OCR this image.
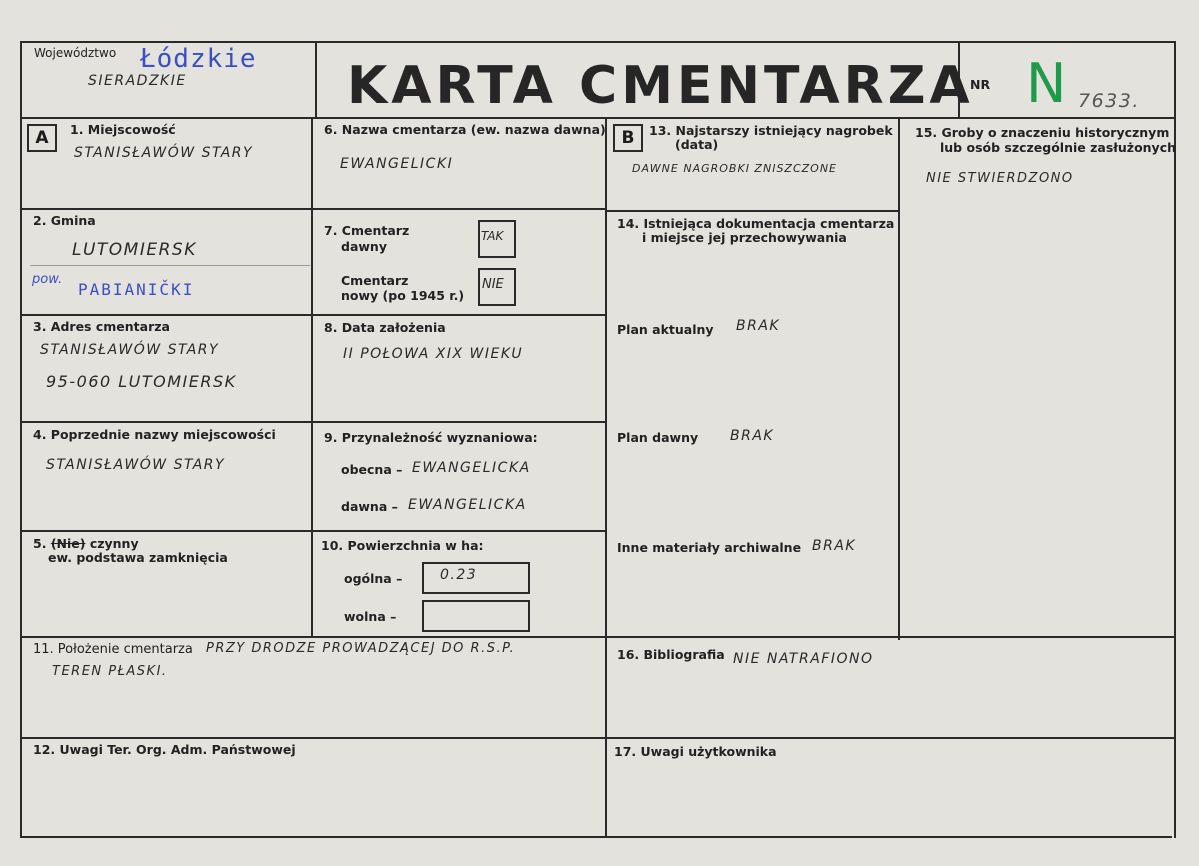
Województwo Łódzkie
SIERADZKIE	KARTA CMENTARZA
NR N 7633.
A	B
1. Miejscowość
STANISŁAWÓW STARY
2. Gmina
LUTOMIERSK
pow.
PABIANIČKI
3. Adres cmentarza
STANISŁAWÓW STARY
95-060 LUTOMIERSK
4. Poprzednie nazwy miejscowości
STANISŁAWÓW STARY
5. (Nie) czynny
ew. podstawa zamknięcia
6. Nazwa cmentarza (ew. nazwa dawna)
EWANGELICKI
7. Cmentarz
dawny
TAK
Cmentarz
nowy (po 1945 r.)
NIE
8. Data założenia
II POŁOWA XIX WIEKU
9. Przynależność wyznaniowa:
obecna – EWANGELICKA
dawna – EWANGELICKA
10. Powierzchnia w ha:
ogólna –	0.23
wolna –
11. Położenie cmentarza PRZY DRODZE PROWADZĄCEJ DO R.S.P.
TEREN PŁASKI.
12. Uwagi Ter. Org. Adm. Państwowej
13. Najstarszy istniejący nagrobek
(data)
DAWNE NAGROBKI ZNISZCZONE
14. Istniejąca dokumentacja cmentarza
i miejsce jej przechowywania
Plan aktualny BRAK
Plan dawny BRAK
Inne materiały archiwalne BRAK
15. Groby o znaczeniu historycznym
lub osób szczególnie zasłużonych
NIE STWIERDZONO
16. Bibliografia NIE NATRAFIONO
17. Uwagi użytkownika
